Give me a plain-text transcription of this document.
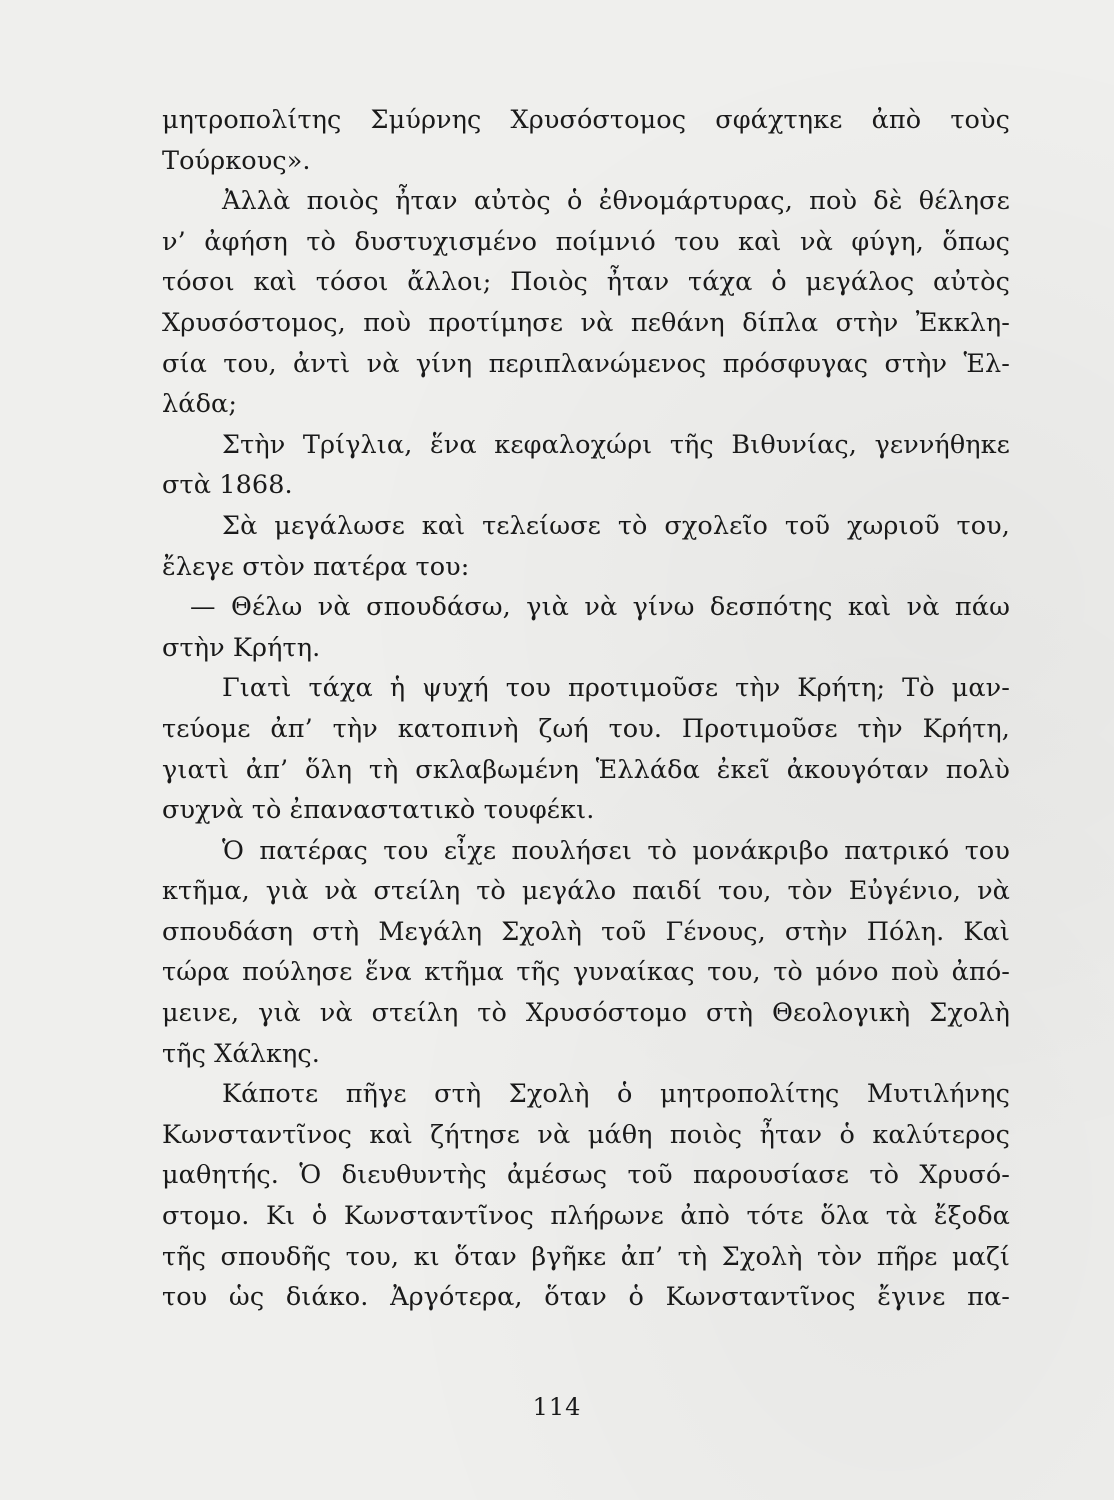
μητροπολίτης Σμύρνης Χρυσόστομος σφάχτηκε ἀπὸ τοὺς
Τούρκους».
Ἀλλὰ ποιὸς ἦταν αὐτὸς ὁ ἐθνομάρτυρας, ποὺ δὲ θέλησε
ν’ ἀφήση τὸ δυστυχισμένο ποίμνιό του καὶ νὰ φύγη, ὅπως
τόσοι καὶ τόσοι ἄλλοι; Ποιὸς ἦταν τάχα ὁ μεγάλος αὐτὸς
Χρυσόστομος, ποὺ προτίμησε νὰ πεθάνη δίπλα στὴν Ἐκκλη-
σία του, ἀντὶ νὰ γίνη περιπλανώμενος πρόσφυγας στὴν Ἑλ-
λάδα;
Στὴν Τρίγλια, ἕνα κεφαλοχώρι τῆς Βιθυνίας, γεννήθηκε
στὰ 1868.
Σὰ μεγάλωσε καὶ τελείωσε τὸ σχολεῖο τοῦ χωριοῦ του,
ἔλεγε στὸν πατέρα του:
— Θέλω νὰ σπουδάσω, γιὰ νὰ γίνω δεσπότης καὶ νὰ πάω
στὴν Κρήτη.
Γιατὶ τάχα ἡ ψυχή του προτιμοῦσε τὴν Κρήτη; Τὸ μαν-
τεύομε ἀπ’ τὴν κατοπινὴ ζωή του. Προτιμοῦσε τὴν Κρήτη,
γιατὶ ἀπ’ ὅλη τὴ σκλαβωμένη Ἑλλάδα ἐκεῖ ἀκουγόταν πολὺ
συχνὰ τὸ ἐπαναστατικὸ τουφέκι.
Ὁ πατέρας του εἶχε πουλήσει τὸ μονάκριβο πατρικό του
κτῆμα, γιὰ νὰ στείλη τὸ μεγάλο παιδί του, τὸν Εὐγένιο, νὰ
σπουδάση στὴ Μεγάλη Σχολὴ τοῦ Γένους, στὴν Πόλη. Καὶ
τώρα πούλησε ἕνα κτῆμα τῆς γυναίκας του, τὸ μόνο ποὺ ἀπό-
μεινε, γιὰ νὰ στείλη τὸ Χρυσόστομο στὴ Θεολογικὴ Σχολὴ
τῆς Χάλκης.
Κάποτε πῆγε στὴ Σχολὴ ὁ μητροπολίτης Μυτιλήνης
Κωνσταντῖνος καὶ ζήτησε νὰ μάθη ποιὸς ἦταν ὁ καλύτερος
μαθητής. Ὁ διευθυντὴς ἀμέσως τοῦ παρουσίασε τὸ Χρυσό-
στομο. Κι ὁ Κωνσταντῖνος πλήρωνε ἀπὸ τότε ὅλα τὰ ἔξοδα
τῆς σπουδῆς του, κι ὅταν βγῆκε ἀπ’ τὴ Σχολὴ τὸν πῆρε μαζί
του ὡς διάκο. Ἀργότερα, ὅταν ὁ Κωνσταντῖνος ἔγινε πα-
114
